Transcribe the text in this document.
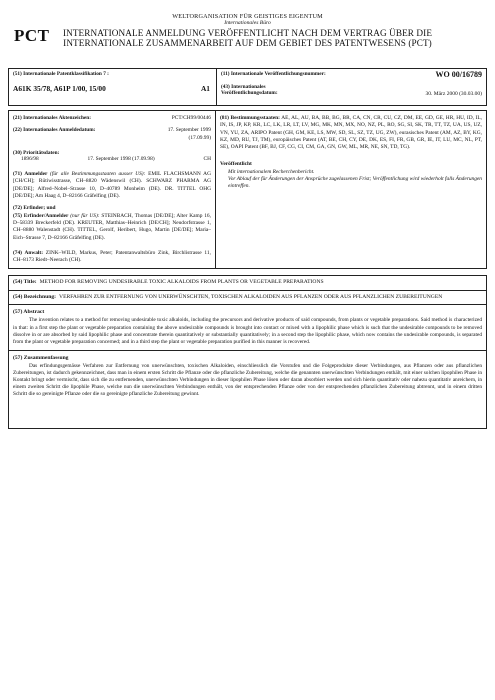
PCT
WELTORGANISATION FÜR GEISTIGES EIGENTUM
Internationales Büro
INTERNATIONALE ANMELDUNG VERÖFFENTLICHT NACH DEM VERTRAG ÜBER DIE
INTERNATIONALE ZUSAMMENARBEIT AUF DEM GEBIET DES PATENTWESENS (PCT)
(51) Internationale Patentklassifikation 7 :
A61K 35/78, A61P 1/00, 15/00	A1
(11) Internationale Veröffentlichungsnummer:	WO 00/16789
(43) Internationales
Veröffentlichungsdatum:	30. März 2000 (30.03.00)
(21) Internationales Aktenzeichen:	PCT/CH99/00446
(22) Internationales Anmeldedatum:	17. September 1999
(17.09.99)
(30) Prioritätsdaten:
1896/98	17. September 1998 (17.09.98)	CH
(71) Anmelder (für alle Bestimmungsstaaten ausser US): EMIL FLACHSMANN AG [CH/CH]; Rütiwisstrasse, CH–8820 Wädenswil (CH). SCHWARZ PHARMA AG [DE/DE]; Alfred–Nobel–Strasse 10, D–40789 Monheim (DE). DR. TITTEL OHG [DE/DE]; Am Haag 4, D–82166 Gräfelfing (DE).
(72) Erfinder; und
(75) Erfinder/Anmelder (nur für US): STEINBACH, Thomas [DE/DE]; Alter Kamp 16, D–58339 Breckerfeld (DE). KREUTER, Matthias–Heinrich [DE/CH]; Neudorfstrasse 1, CH–8880 Walenstadt (CH). TITTEL, Gerolf, Heribert, Hugo, Martin [DE/DE]; Maria–Eich–Strasse 7, D–82166 Gräfelfing (DE).
(74) Anwalt: ZINK–WILD, Markus, Peter; Patentanwaltsbüro Zink, Birchlistrasse 11, CH–8173 Riedt–Neerach (CH).
(81) Bestimmungsstaaten: AE, AL, AU, BA, BB, BG, BR, CA, CN, CR, CU, CZ, DM, EE, GD, GE, HR, HU, ID, IL, IN, IS, JP, KP, KR, LC, LK, LR, LT, LV, MG, MK, MN, MX, NO, NZ, PL, RO, SG, SI, SK, TR, TT, TZ, UA, US, UZ, VN, YU, ZA, ARIPO Patent (GH, GM, KE, LS, MW, SD, SL, SZ, TZ, UG, ZW), eurasisches Patent (AM, AZ, BY, KG, KZ, MD, RU, TJ, TM), europäisches Patent (AT, BE, CH, CY, DE, DK, ES, FI, FR, GB, GR, IE, IT, LU, MC, NL, PT, SE), OAPI Patent (BF, BJ, CF, CG, CI, CM, GA, GN, GW, ML, MR, NE, SN, TD, TG).
Veröffentlicht
Mit internationalem Recherchenbericht.
Vor Ablauf der für Änderungen der Ansprüche zugelassenen Frist; Veröffentlichung wird wiederholt falls Änderungen eintreffen.
(54) Title: METHOD FOR REMOVING UNDESIRABLE TOXIC ALKALOIDS FROM PLANTS OR VEGETABLE PREPARATIONS
(54) Bezeichnung: VERFAHREN ZUR ENTFERNUNG VON UNERWÜNSCHTEN, TOXISCHEN ALKALOIDEN AUS PFLANZEN ODER AUS PFLANZLICHEN ZUBEREITUNGEN
(57) Abstract
The invention relates to a method for removing undesirable toxic alkaloids, including the precursors and derivative products of said compounds, from plants or vegetable preparations. Said method is characterized in that: in a first step the plant or vegetable preparation containing the above undesirable compounds is brought into contact or mixed with a lipophilic phase which is such that the undesirable compounds to be removed dissolve in or are absorbed by said lipophilic phase and concentrate therein quantitatively or substantially quantitatively; in a second step the lipophilic phase, which now contains the undesirable compounds, is separated from the plant or vegetable preparation concerned; and in a third step the plant or vegetable preparation purified in this manner is recovered.
(57) Zusammenfassung
Das erfindungsgemässe Verfahren zur Entfernung von unerwünschten, toxischen Alkaloiden, einschliesslich die Vorstufen und die Folgeprodukte dieser Verbindungen, aus Pflanzen oder aus pflanzlichen Zubereitungen, ist dadurch gekennzeichnet, dass man in einem ersten Schritt die Pflanze oder die pflanzliche Zubereitung, welche die genannten unerwünschten Verbindungen enthält, mit einer solchen lipophilen Phase in Kontakt bringt oder vermischt, dass sich die zu entfernenden, unerwünschten Verbindungen in dieser lipophilen Phase lösen oder daran absorbiert werden und sich hierin quantitativ oder nahezu quantitativ anreichern, in einem zweiten Schritt die lipophile Phase, welche nun die unerwünschten Verbindungen enthält, von der entsprechenden Pflanze oder von der entsprechenden pflanzlichen Zubereitung abtrennt, und in einem dritten Schritt die so gereinigte Pflanze oder die so gereinigte pflanzliche Zubereitung gewinnt.
